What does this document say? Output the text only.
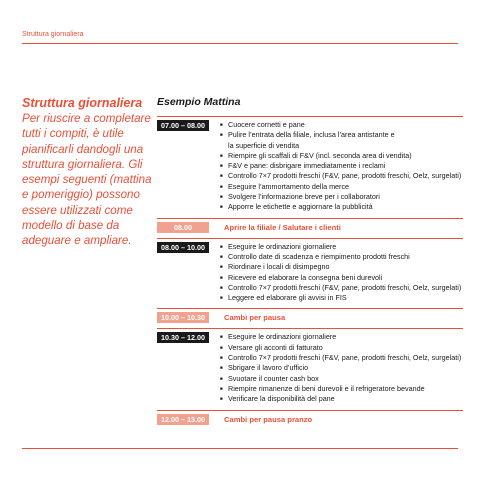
Struttura giornaliera
Struttura giornaliera
Per riuscire a completare tutti i compiti, è utile pianificarli dandogli una struttura giornaliera. Gli esempi seguenti (mattina e pomeriggio) possono essere utilizzati come modello di base da adeguare e ampliare.
Esempio Mattina
07.00 – 08.00	■ Cuocere cornetti e pane
■ Pulire l’entrata della filiale, inclusa l’area antistante e
la superficie di vendita
■ Riempire gli scaffali di F&V (incl. seconda area di vendita)
■ F&V e pane: disbrigare immediatamente i reclami
■ Controllo 7×7 prodotti freschi (F&V, pane, prodotti freschi, Oelz, surgelati)
■ Eseguire l’ammortamento della merce
■ Svolgere l’informazione breve per i collaboratori
■ Apporre le etichette e aggiornare la pubblicità
08.00	Aprire la filiale / Salutare i clienti
08.00 – 10.00	■ Eseguire le ordinazioni giornaliere
■ Controllo date di scadenza e riempimento prodotti freschi
■ Riordinare i locali di disimpegno
■ Ricevere ed elaborare la consegna beni durevoli
■ Controllo 7×7 prodotti freschi (F&V, pane, prodotti freschi, Oelz, surgelati)
■ Leggere ed elaborare gli avvisi in FIS
10.00 – 10.30	Cambi per pausa
10.30 – 12.00	■ Eseguire le ordinazioni giornaliere
■ Versare gli acconti di fatturato
■ Controllo 7×7 prodotti freschi (F&V, pane, prodotti freschi, Oelz, surgelati)
■ Sbrigare il lavoro d’ufficio
■ Svuotare il counter cash box
■ Riempire rimanenze di beni durevoli e il refrigeratore bevande
■ Verificare la disponibilità del pane
12.00 – 13.00	Cambi per pausa pranzo
